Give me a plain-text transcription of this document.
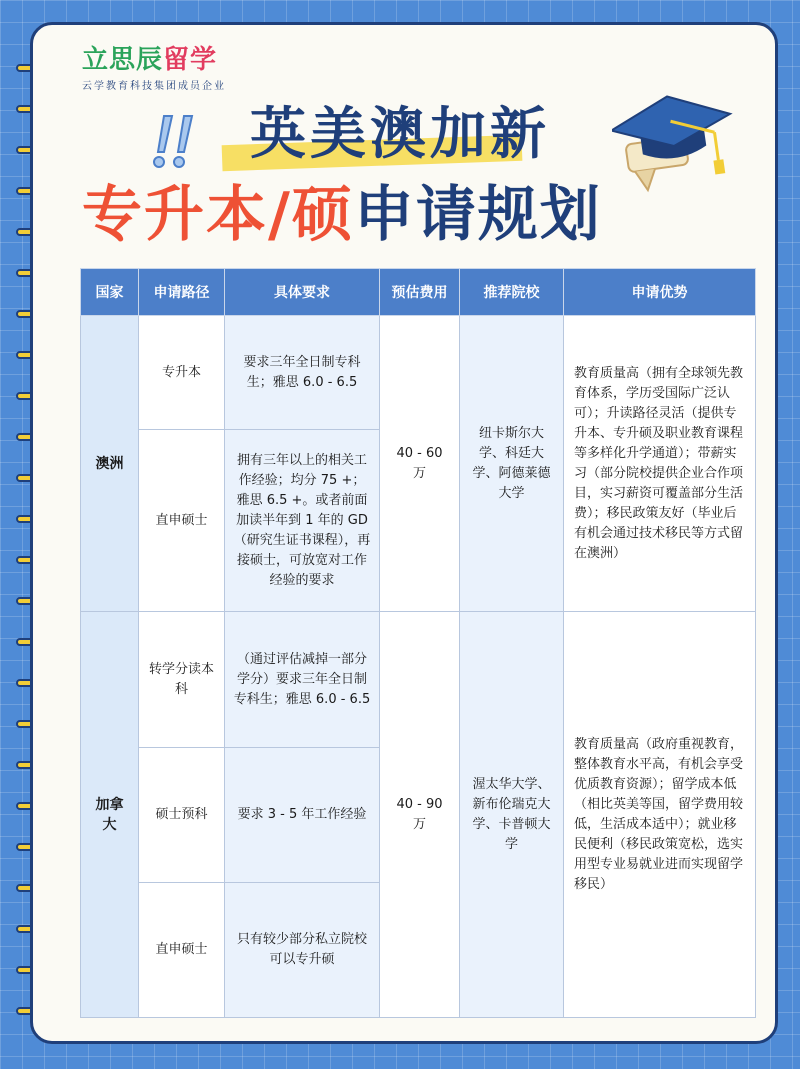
立思辰留学
云学教育科技集团成员企业
英美澳加新
专升本/硕申请规划
国家	申请路径	具体要求	预估费用	推荐院校	申请优势
澳洲	专升本	要求三年全日制专科生；雅思 6.0 - 6.5	40 - 60 万	纽卡斯尔大学、科廷大学、阿德莱德大学	教育质量高（拥有全球领先教育体系，学历受国际广泛认可）；升读路径灵活（提供专升本、专升硕及职业教育课程等多样化升学通道）；带薪实习（部分院校提供企业合作项目，实习薪资可覆盖部分生活费）；移民政策友好（毕业后有机会通过技术移民等方式留在澳洲）
	直申硕士	拥有三年以上的相关工作经验；均分 75 +；雅思 6.5 +。或者前面加读半年到 1 年的 GD（研究生证书课程），再接硕士，可放宽对工作经验的要求			
加拿大	转学分读本科	（通过评估减掉一部分学分）要求三年全日制专科生；雅思 6.0 - 6.5	40 - 90 万	渥太华大学、新布伦瑞克大学、卡普顿大学	教育质量高（政府重视教育，整体教育水平高，有机会享受优质教育资源）；留学成本低（相比英美等国，留学费用较低，生活成本适中）；就业移民便利（移民政策宽松，选实用型专业易就业进而实现留学移民）
	硕士预科	要求 3 - 5 年工作经验			
	直申硕士	只有较少部分私立院校可以专升硕			
